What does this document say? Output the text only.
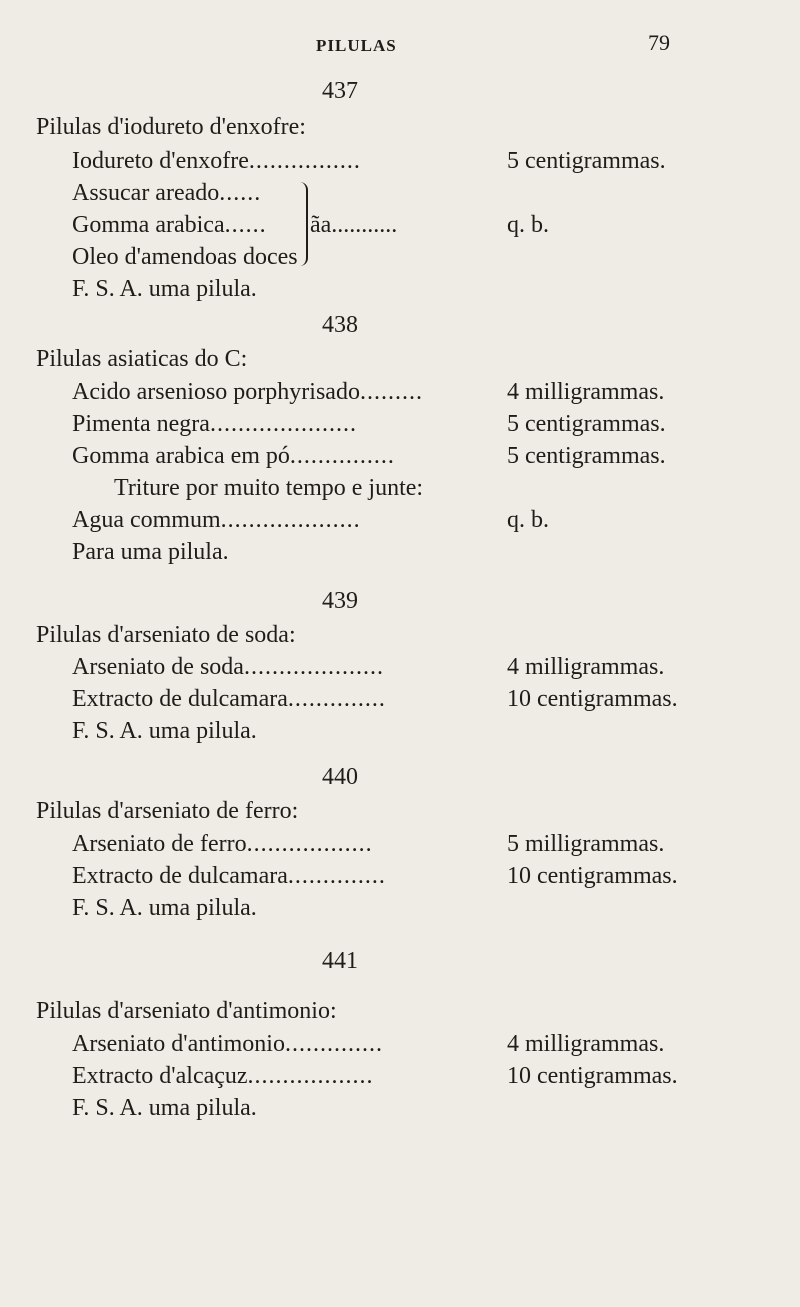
PILULAS	79
437
Pilulas d'iodureto d'enxofre:
Iodureto d'enxofre................	5 centigrammas.
Assucar areado......
Gomma arabica......
Oleo d'amendoas doces
ãa...........	q. b.
F. S. A. uma pilula.
438
Pilulas asiaticas do C:
Acido arsenioso porphyrisado.........	4 milligrammas.
Pimenta negra.....................	5 centigrammas.
Gomma arabica em pó...............	5 centigrammas.
Triture por muito tempo e junte:
Agua commum....................	q. b.
Para uma pilula.
439
Pilulas d'arseniato de soda:
Arseniato de soda....................	4 milligrammas.
Extracto de dulcamara..............	10 centigrammas.
F. S. A. uma pilula.
440
Pilulas d'arseniato de ferro:
Arseniato de ferro..................	5 milligrammas.
Extracto de dulcamara..............	10 centigrammas.
F. S. A. uma pilula.
441
Pilulas d'arseniato d'antimonio:
Arseniato d'antimonio..............	4 milligrammas.
Extracto d'alcaçuz..................	10 centigrammas.
F. S. A. uma pilula.
